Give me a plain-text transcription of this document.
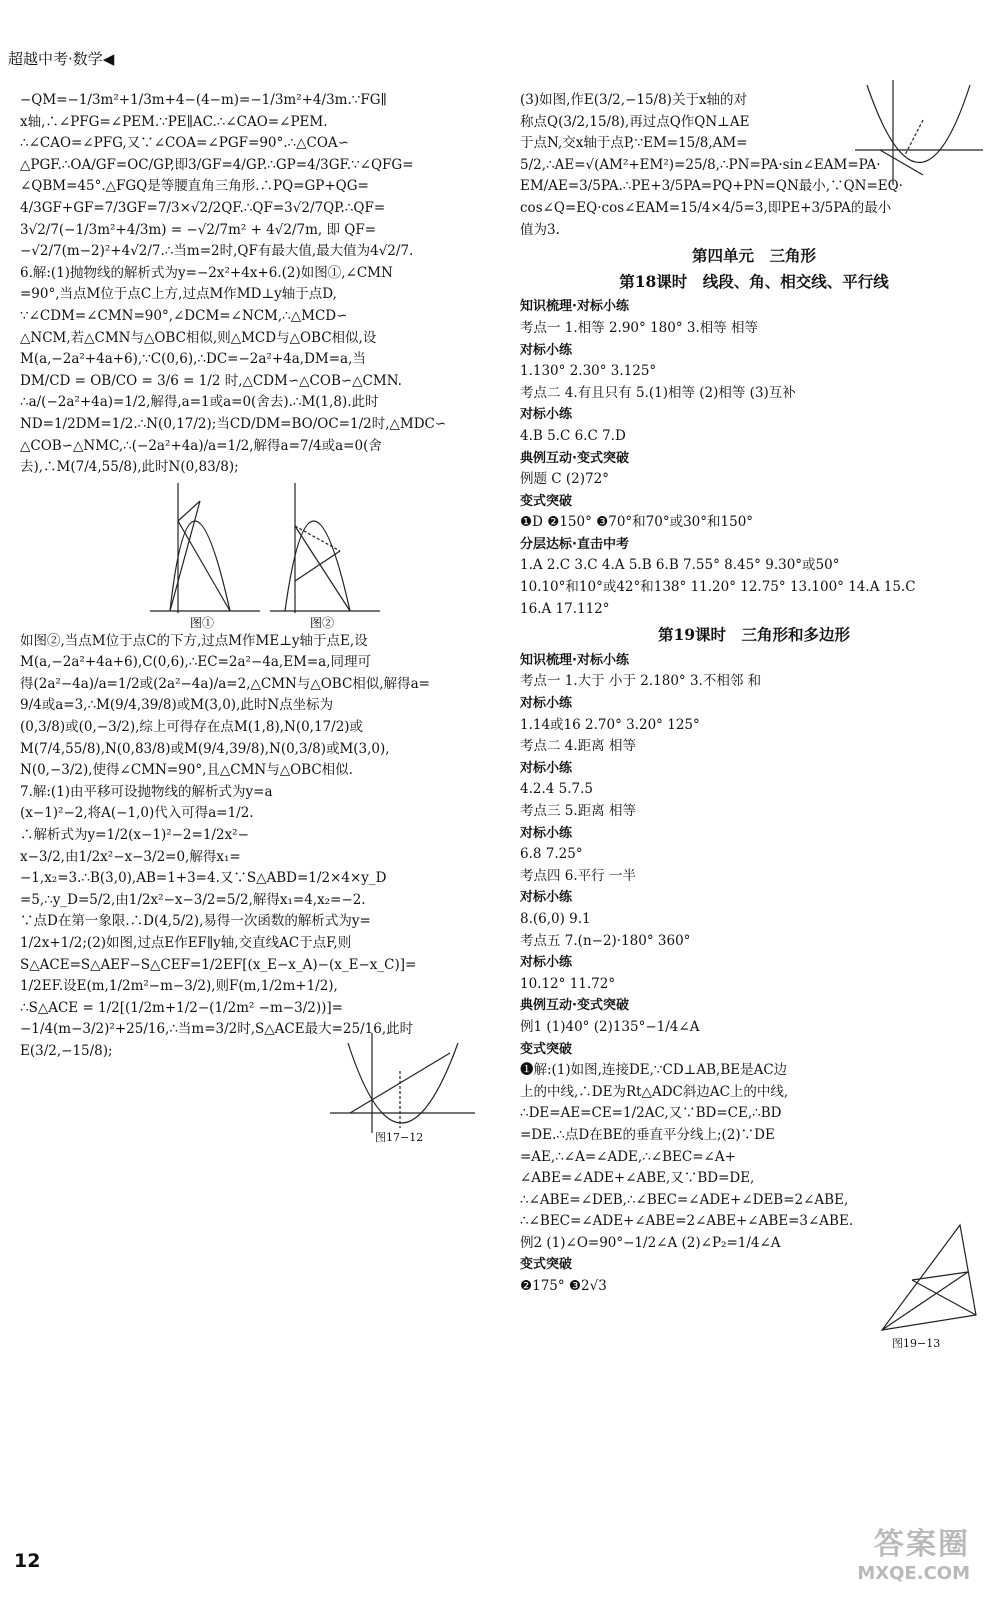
超越中考·数学◀
−QM=−1/3m²+1/3m+4−(4−m)=−1/3m²+4/3m.∵FG∥
x轴,∴∠PFG=∠PEM.∵PE∥AC.∴∠CAO=∠PEM.
∴∠CAO=∠PFG,又∵∠COA=∠PGF=90°.∴△COA∽
△PGF.∴OA/GF=OC/GP,即3/GF=4/GP.∴GP=4/3GF.∵∠QFG=
∠QBM=45°.△FGQ是等腰直角三角形.∴PQ=GP+QG=
4/3GF+GF=7/3GF=7/3×√2/2QF.∴QF=3√2/7QP.∴QF=
3√2/7(−1/3m²+4/3m) = −√2/7m² + 4√2/7m, 即 QF=
−√2/7(m−2)²+4√2/7.∴当m=2时,QF有最大值,最大值为4√2/7.
6.解:(1)抛物线的解析式为y=−2x²+4x+6.(2)如图①,∠CMN
=90°,当点M位于点C上方,过点M作MD⊥y轴于点D,
∵∠CDM=∠CMN=90°,∠DCM=∠NCM,∴△MCD∽
△NCM,若△CMN与△OBC相似,则△MCD与△OBC相似,设
M(a,−2a²+4a+6),∵C(0,6),∴DC=−2a²+4a,DM=a,当
DM/CD = OB/CO = 3/6 = 1/2 时,△CDM∽△COB∽△CMN.
∴a/(−2a²+4a)=1/2,解得,a=1或a=0(舍去).∴M(1,8).此时
ND=1/2DM=1/2.∴N(0,17/2);当CD/DM=BO/OC=1/2时,△MDC∽
△COB∽△NMC,∴(−2a²+4a)/a=1/2,解得a=7/4或a=0(舍
去),∴M(7/4,55/8),此时N(0,83/8);
图①	图②
如图②,当点M位于点C的下方,过点M作ME⊥y轴于点E,设
M(a,−2a²+4a+6),C(0,6),∴EC=2a²−4a,EM=a,同理可
得(2a²−4a)/a=1/2或(2a²−4a)/a=2,△CMN与△OBC相似,解得a=
9/4或a=3,∴M(9/4,39/8)或M(3,0),此时N点坐标为
(0,3/8)或(0,−3/2),综上可得存在点M(1,8),N(0,17/2)或
M(7/4,55/8),N(0,83/8)或M(9/4,39/8),N(0,3/8)或M(3,0),
N(0,−3/2),使得∠CMN=90°,且△CMN与△OBC相似.
7.解:(1)由平移可设抛物线的解析式为y=a
(x−1)²−2,将A(−1,0)代入可得a=1/2.
∴解析式为y=1/2(x−1)²−2=1/2x²−
x−3/2,由1/2x²−x−3/2=0,解得x₁=
−1,x₂=3.∴B(3,0),AB=1+3=4.又∵S△ABD=1/2×4×y_D
=5,∴y_D=5/2,由1/2x²−x−3/2=5/2,解得x₁=4,x₂=−2.
∵点D在第一象限.∴D(4,5/2),易得一次函数的解析式为y=
1/2x+1/2;(2)如图,过点E作EF∥y轴,交直线AC于点F,则
S△ACE=S△AEF−S△CEF=1/2EF[(x_E−x_A)−(x_E−x_C)]=
1/2EF.设E(m,1/2m²−m−3/2),则F(m,1/2m+1/2),
∴S△ACE = 1/2[(1/2m+1/2−(1/2m² −m−3/2))]=
−1/4(m−3/2)²+25/16,∴当m=3/2时,S△ACE最大=25/16,此时
E(3/2,−15/8);
图17−12
(3)如图,作E(3/2,−15/8)关于x轴的对
称点Q(3/2,15/8),再过点Q作QN⊥AE
于点N,交x轴于点P,∵EM=15/8,AM=
5/2,∴AE=√(AM²+EM²)=25/8,∴PN=PA·sin∠EAM=PA·
EM/AE=3/5PA.∴PE+3/5PA=PQ+PN=QN最小,∵QN=EQ·
cos∠Q=EQ·cos∠EAM=15/4×4/5=3,即PE+3/5PA的最小
值为3.
第四单元　三角形
第18课时　线段、角、相交线、平行线
知识梳理·对标小练
考点一 1.相等 2.90° 180° 3.相等 相等
对标小练
1.130° 2.30° 3.125°
考点二 4.有且只有 5.(1)相等 (2)相等 (3)互补
对标小练
4.B 5.C 6.C 7.D
典例互动·变式突破
例题 C (2)72°
变式突破
❶D ❷150° ❸70°和70°或30°和150°
分层达标·直击中考
1.A 2.C 3.C 4.A 5.B 6.B 7.55° 8.45° 9.30°或50°
10.10°和10°或42°和138° 11.20° 12.75° 13.100° 14.A 15.C
16.A 17.112°
第19课时　三角形和多边形
知识梳理·对标小练
考点一 1.大于 小于 2.180° 3.不相邻 和
对标小练
1.14或16 2.70° 3.20° 125°
考点二 4.距离 相等
对标小练
4.2.4 5.7.5
考点三 5.距离 相等
对标小练
6.8 7.25°
考点四 6.平行 一半
对标小练
8.(6,0) 9.1
考点五 7.(n−2)·180° 360°
对标小练
10.12° 11.72°
典例互动·变式突破
例1 (1)40° (2)135°−1/4∠A
变式突破
❶解:(1)如图,连接DE,∵CD⊥AB,BE是AC边
上的中线,∴DE为Rt△ADC斜边AC上的中线,
∴DE=AE=CE=1/2AC,又∵BD=CE,∴BD
=DE.∴点D在BE的垂直平分线上;(2)∵DE
=AE,∴∠A=∠ADE,∴∠BEC=∠A+
∠ABE=∠ADE+∠ABE,又∵BD=DE,
∴∠ABE=∠DEB,∴∠BEC=∠ADE+∠DEB=2∠ABE,
∴∠BEC=∠ADE+∠ABE=2∠ABE+∠ABE=3∠ABE.
例2 (1)∠O=90°−1/2∠A (2)∠P₂=1/4∠A
变式突破
❷175° ❸2√3
图19−13
12	答案圈
MXQE.COM
